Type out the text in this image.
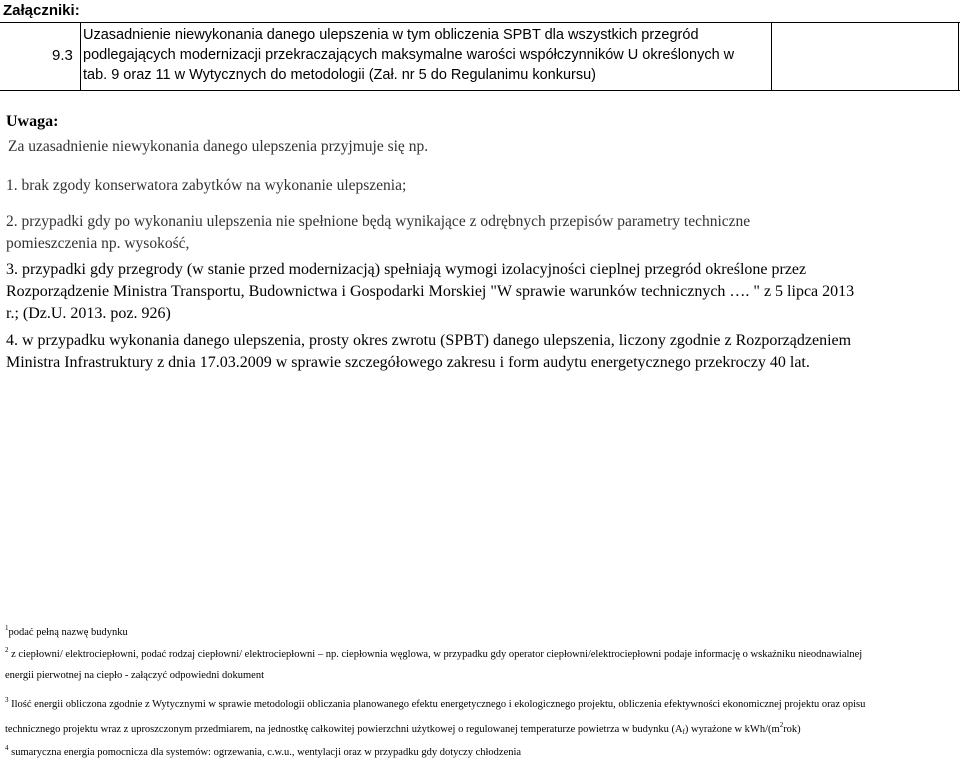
Załączniki:
9.3
Uzasadnienie niewykonania danego ulepszenia w tym obliczenia SPBT dla wszystkich przegród
podlegających modernizacji przekraczających maksymalne warości współczynników U określonych w
tab. 9 oraz 11 w Wytycznych do metodologii (Zał. nr 5 do Regulanimu konkursu)
Uwaga:
Za uzasadnienie niewykonania danego ulepszenia przyjmuje się np.
1. brak zgody konserwatora zabytków na wykonanie ulepszenia;
2. przypadki gdy po wykonaniu ulepszenia nie spełnione będą wynikające z odrębnych przepisów parametry techniczne
pomieszczenia np. wysokość,
3. przypadki gdy przegrody (w stanie przed modernizacją) spełniają wymogi izolacyjności cieplnej przegród określone przez
Rozporządzenie Ministra Transportu, Budownictwa i Gospodarki Morskiej "W sprawie warunków technicznych …. " z 5 lipca 2013
r.; (Dz.U. 2013. poz. 926)
4. w przypadku wykonania danego ulepszenia, prosty okres zwrotu (SPBT) danego ulepszenia, liczony zgodnie z Rozporządzeniem
Ministra Infrastruktury z dnia 17.03.2009 w sprawie szczegółowego zakresu i form audytu energetycznego przekroczy 40 lat.
$^1$podać pełną nazwę budynku
$^2$ z ciepłowni/ elektrociepłowni, podać rodzaj ciepłowni/ elektrociepłowni – np. ciepłownia węglowa, w przypadku gdy operator ciepłowni/elektrociepłowni podaje informację o wskaźniku nieodnawialnej
energii pierwotnej na ciepło - załączyć odpowiedni dokument
$^3$ Ilość energii obliczona zgodnie z Wytycznymi w sprawie metodologii obliczania planowanego efektu energetycznego i ekologicznego projektu, obliczenia efektywności ekonomicznej projektu oraz opisu
technicznego projektu wraz z uproszczonym przedmiarem, na jednostkę całkowitej powierzchni użytkowej o regulowanej temperaturze powietrza w budynku $(A_f)$ wyrażone w kWh/$(m^2rok)$
$^4$ sumaryczna energia pomocnicza dla systemów: ogrzewania, c.w.u., wentylacji oraz w przypadku gdy dotyczy chłodzenia
